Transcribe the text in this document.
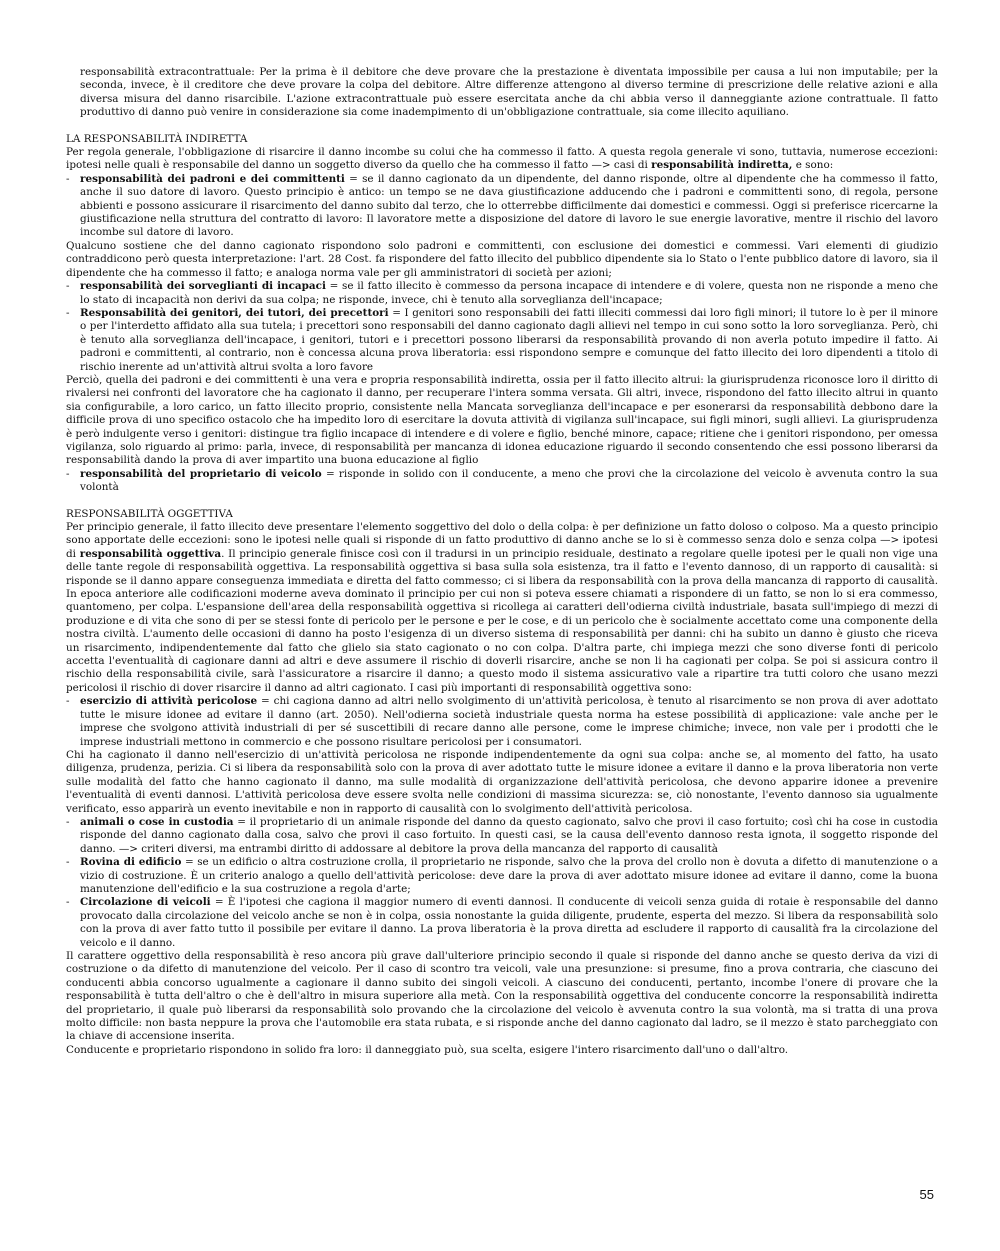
responsabilità extracontrattuale: Per la prima è il debitore che deve provare che la prestazione è diventata impossibile per causa a lui non imputabile; per la seconda, invece, è il creditore che deve provare la colpa del debitore. Altre differenze attengono al diverso termine di prescrizione delle relative azioni e alla diversa misura del danno risarcibile. L'azione extracontrattuale può essere esercitata anche da chi abbia verso il danneggiante azione contrattuale. Il fatto produttivo di danno può venire in considerazione sia come inadempimento di un'obbligazione contrattuale, sia come illecito aquiliano.

LA RESPONSABILITÀ INDIRETTA

Per regola generale, l'obbligazione di risarcire il danno incombe su colui che ha commesso il fatto. A questa regola generale vi sono, tuttavia, numerose eccezioni: ipotesi nelle quali è responsabile del danno un soggetto diverso da quello che ha commesso il fatto —> casi di responsabilità indiretta, e sono:

- responsabilità dei padroni e dei committenti = se il danno cagionato da un dipendente, del danno risponde, oltre al dipendente che ha commesso il fatto, anche il suo datore di lavoro. Questo principio è antico: un tempo se ne dava giustificazione adducendo che i padroni e committenti sono, di regola, persone abbienti e possono assicurare il risarcimento del danno subito dal terzo, che lo otterrebbe difficilmente dai domestici e commessi. Oggi si preferisce ricercarne la giustificazione nella struttura del contratto di lavoro: Il lavoratore mette a disposizione del datore di lavoro le sue energie lavorative, mentre il rischio del lavoro incombe sul datore di lavoro.

Qualcuno sostiene che del danno cagionato rispondono solo padroni e committenti, con esclusione dei domestici e commessi. Vari elementi di giudizio contraddicono però questa interpretazione: l'art. 28 Cost. fa rispondere del fatto illecito del pubblico dipendente sia lo Stato o l'ente pubblico datore di lavoro, sia il dipendente che ha commesso il fatto; e analoga norma vale per gli amministratori di società per azioni;

- responsabilità dei sorveglianti di incapaci = se il fatto illecito è commesso da persona incapace di intendere e di volere, questa non ne risponde a meno che lo stato di incapacità non derivi da sua colpa; ne risponde, invece, chi è tenuto alla sorveglianza dell'incapace;
- Responsabilità dei genitori, dei tutori, dei precettori = I genitori sono responsabili dei fatti illeciti commessi dai loro figli minori; il tutore lo è per il minore o per l'interdetto affidato alla sua tutela; i precettori sono responsabili del danno cagionato dagli allievi nel tempo in cui sono sotto la loro sorveglianza. Però, chi è tenuto alla sorveglianza dell'incapace, i genitori, tutori e i precettori possono liberarsi da responsabilità provando di non averla potuto impedire il fatto. Ai padroni e committenti, al contrario, non è concessa alcuna prova liberatoria: essi rispondono sempre e comunque del fatto illecito dei loro dipendenti a titolo di rischio inerente ad un'attività altrui svolta a loro favore

Perciò, quella dei padroni e dei committenti è una vera e propria responsabilità indiretta, ossia per il fatto illecito altrui: la giurisprudenza riconosce loro il diritto di rivalersi nei confronti del lavoratore che ha cagionato il danno, per recuperare l'intera somma versata. Gli altri, invece, rispondono del fatto illecito altrui in quanto sia configurabile, a loro carico, un fatto illecito proprio, consistente nella Mancata sorveglianza dell'incapace e per esonerarsi da responsabilità debbono dare la difficile prova di uno specifico ostacolo che ha impedito loro di esercitare la dovuta attività di vigilanza sull'incapace, sui figli minori, sugli allievi. La giurisprudenza è però indulgente verso i genitori: distingue tra figlio incapace di intendere e di volere e figlio, benché minore, capace; ritiene che i genitori rispondono, per omessa vigilanza, solo riguardo al primo: parla, invece, di responsabilità per mancanza di idonea educazione riguardo il secondo consentendo che essi possono liberarsi da responsabilità dando la prova di aver impartito una buona educazione al figlio

- responsabilità del proprietario di veicolo = risponde in solido con il conducente, a meno che provi che la circolazione del veicolo è avvenuta contro la sua volontà
RESPONSABILITÀ OGGETTIVA

Per principio generale, il fatto illecito deve presentare l'elemento soggettivo del dolo o della colpa: è per definizione un fatto doloso o colposo. Ma a questo principio sono apportate delle eccezioni: sono le ipotesi nelle quali si risponde di un fatto produttivo di danno anche se lo si è commesso senza dolo e senza colpa —> ipotesi di responsabilità oggettiva. Il principio generale finisce così con il tradursi in un principio residuale, destinato a regolare quelle ipotesi per le quali non vige una delle tante regole di responsabilità oggettiva. La responsabilità oggettiva si basa sulla sola esistenza, tra il fatto e l'evento dannoso, di un rapporto di causalità: si risponde se il danno appare conseguenza immediata e diretta del fatto commesso; ci si libera da responsabilità con la prova della mancanza di rapporto di causalità. In epoca anteriore alle codificazioni moderne aveva dominato il principio per cui non si poteva essere chiamati a rispondere di un fatto, se non lo si era commesso, quantomeno, per colpa. L'espansione dell'area della responsabilità oggettiva si ricollega ai caratteri dell'odierna civiltà industriale, basata sull'impiego di mezzi di produzione e di vita che sono di per se stessi fonte di pericolo per le persone e per le cose, e di un pericolo che è socialmente accettato come una componente della nostra civiltà. L'aumento delle occasioni di danno ha posto l'esigenza di un diverso sistema di responsabilità per danni: chi ha subito un danno è giusto che riceva un risarcimento, indipendentemente dal fatto che glielo sia stato cagionato o no con colpa. D'altra parte, chi impiega mezzi che sono diverse fonti di pericolo accetta l'eventualità di cagionare danni ad altri e deve assumere il rischio di doverli risarcire, anche se non li ha cagionati per colpa. Se poi si assicura contro il rischio della responsabilità civile, sarà l'assicuratore a risarcire il danno; a questo modo il sistema assicurativo vale a ripartire tra tutti coloro che usano mezzi pericolosi il rischio di dover risarcire il danno ad altri cagionato. I casi più importanti di responsabilità oggettiva sono:

- esercizio di attività pericolose = chi cagiona danno ad altri nello svolgimento di un'attività pericolosa, è tenuto al risarcimento se non prova di aver adottato tutte le misure idonee ad evitare il danno (art. 2050). Nell'odierna società industriale questa norma ha estese possibilità di applicazione: vale anche per le imprese che svolgono attività industriali di per sé suscettibili di recare danno alle persone, come le imprese chimiche; invece, non vale per i prodotti che le imprese industriali mettono in commercio e che possono risultare pericolosi per i consumatori.

Chi ha cagionato il danno nell'esercizio di un'attività pericolosa ne risponde indipendentemente da ogni sua colpa: anche se, al momento del fatto, ha usato diligenza, prudenza, perizia. Ci si libera da responsabilità solo con la prova di aver adottato tutte le misure idonee a evitare il danno e la prova liberatoria non verte sulle modalità del fatto che hanno cagionato il danno, ma sulle modalità di organizzazione dell'attività pericolosa, che devono apparire idonee a prevenire l'eventualità di eventi dannosi. L'attività pericolosa deve essere svolta nelle condizioni di massima sicurezza: se, ciò nonostante, l'evento dannoso sia ugualmente verificato, esso apparirà un evento inevitabile e non in rapporto di causalità con lo svolgimento dell'attività pericolosa.

- animali o cose in custodia = il proprietario di un animale risponde del danno da questo cagionato, salvo che provi il caso fortuito; così chi ha cose in custodia risponde del danno cagionato dalla cosa, salvo che provi il caso fortuito. In questi casi, se la causa dell'evento dannoso resta ignota, il soggetto risponde del danno. —> criteri diversi, ma entrambi diritto di addossare al debitore la prova della mancanza del rapporto di causalità
- Rovina di edificio = se un edificio o altra costruzione crolla, il proprietario ne risponde, salvo che la prova del crollo non è dovuta a difetto di manutenzione o a vizio di costruzione. È un criterio analogo a quello dell'attività pericolose: deve dare la prova di aver adottato misure idonee ad evitare il danno, come la buona manutenzione dell'edificio e la sua costruzione a regola d'arte;
- Circolazione di veicoli = È l'ipotesi che cagiona il maggior numero di eventi dannosi. Il conducente di veicoli senza guida di rotaie è responsabile del danno provocato dalla circolazione del veicolo anche se non è in colpa, ossia nonostante la guida diligente, prudente, esperta del mezzo. Si libera da responsabilità solo con la prova di aver fatto tutto il possibile per evitare il danno. La prova liberatoria è la prova diretta ad escludere il rapporto di causalità fra la circolazione del veicolo e il danno.

Il carattere oggettivo della responsabilità è reso ancora più grave dall'ulteriore principio secondo il quale si risponde del danno anche se questo deriva da vizi di costruzione o da difetto di manutenzione del veicolo. Per il caso di scontro tra veicoli, vale una presunzione: si presume, fino a prova contraria, che ciascuno dei conducenti abbia concorso ugualmente a cagionare il danno subito dei singoli veicoli. A ciascuno dei conducenti, pertanto, incombe l'onere di provare che la responsabilità è tutta dell'altro o che è dell'altro in misura superiore alla metà. Con la responsabilità oggettiva del conducente concorre la responsabilità indiretta del proprietario, il quale può liberarsi da responsabilità solo provando che la circolazione del veicolo è avvenuta contro la sua volontà, ma si tratta di una prova molto difficile: non basta neppure la prova che l'automobile era stata rubata, e si risponde anche del danno cagionato dal ladro, se il mezzo è stato parcheggiato con la chiave di accensione inserita.

Conducente e proprietario rispondono in solido fra loro: il danneggiato può, sua scelta, esigere l'intero risarcimento dall'uno o dall'altro.

55
